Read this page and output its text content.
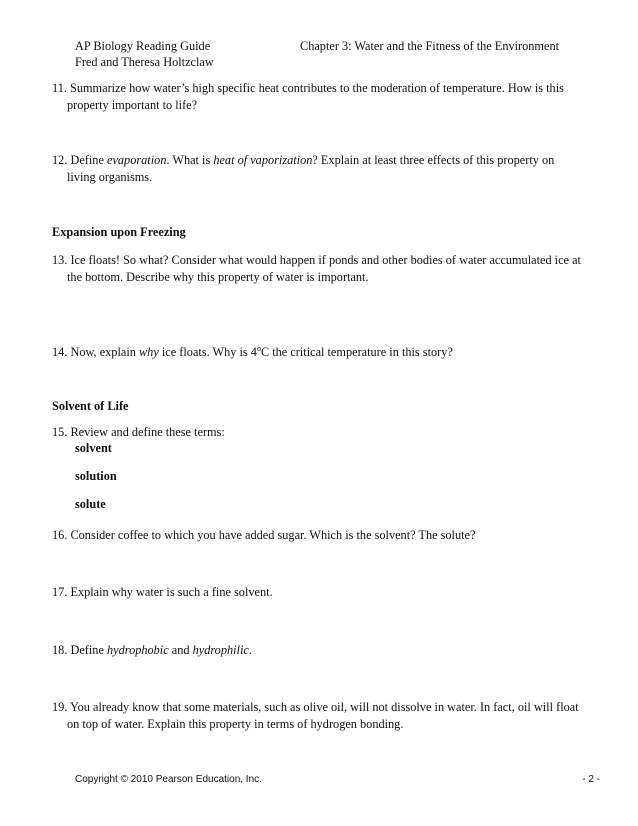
AP Biology Reading Guide
Fred and Theresa Holtzclaw
Chapter 3: Water and the Fitness of the Environment
11. Summarize how water’s high specific heat contributes to the moderation of temperature. How is this
property important to life?
12. Define evaporation. What is heat of vaporization? Explain at least three effects of this property on
living organisms.
Expansion upon Freezing
13. Ice floats! So what? Consider what would happen if ponds and other bodies of water accumulated ice at
the bottom. Describe why this property of water is important.
14. Now, explain why ice floats. Why is 4$^o$C the critical temperature in this story?
Solvent of Life
15. Review and define these terms:
solvent
solution
solute
16. Consider coffee to which you have added sugar. Which is the solvent? The solute?
17. Explain why water is such a fine solvent.
18. Define hydrophobic and hydrophilic.
19. You already know that some materials, such as olive oil, will not dissolve in water. In fact, oil will float
on top of water. Explain this property in terms of hydrogen bonding.
Copyright © 2010 Pearson Education, Inc.	- 2 -
